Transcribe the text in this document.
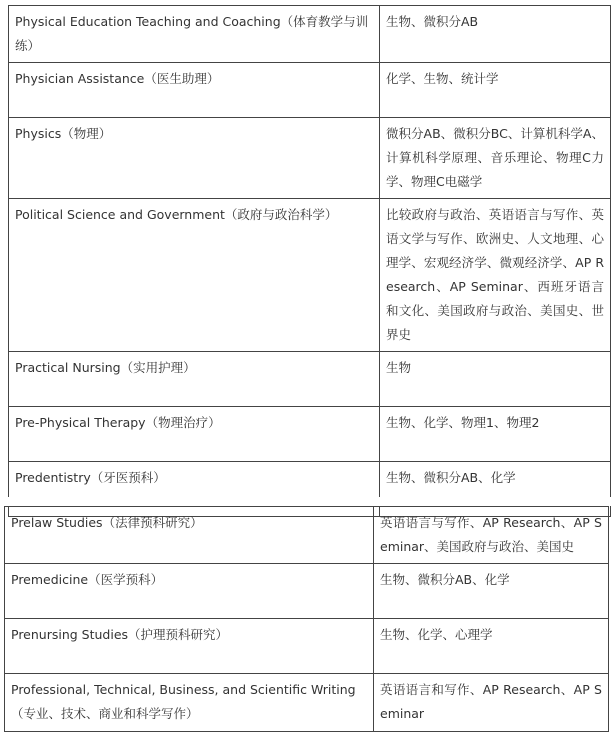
Physical Education Teaching and Coaching（体育教学与训练）	生物、微积分AB
Physician Assistance（医生助理）	化学、生物、统计学
Physics（物理）	微积分AB、微积分BC、计算机科学A、计算机科学原理、音乐理论、物理C力学、物理C电磁学
Political Science and Government（政府与政治科学）	比较政府与政治、英语语言与写作、英语文学与写作、欧洲史、人文地理、心理学、宏观经济学、微观经济学、AP Research、AP Seminar、西班牙语言和文化、美国政府与政治、美国史、世界史
Practical Nursing（实用护理）	生物
Pre-Physical Therapy（物理治疗）	生物、化学、物理1、物理2
Predentistry（牙医预科）	生物、微积分AB、化学
Prelaw Studies（法律预科研究）	英语语言与写作、AP Research、AP Seminar、美国政府与政治、美国史
Premedicine（医学预科）	生物、微积分AB、化学
Prenursing Studies（护理预科研究）	生物、化学、心理学
Professional, Technical, Business, and Scientific Writing（专业、技术、商业和科学写作）	英语语言和写作、AP Research、AP Seminar
